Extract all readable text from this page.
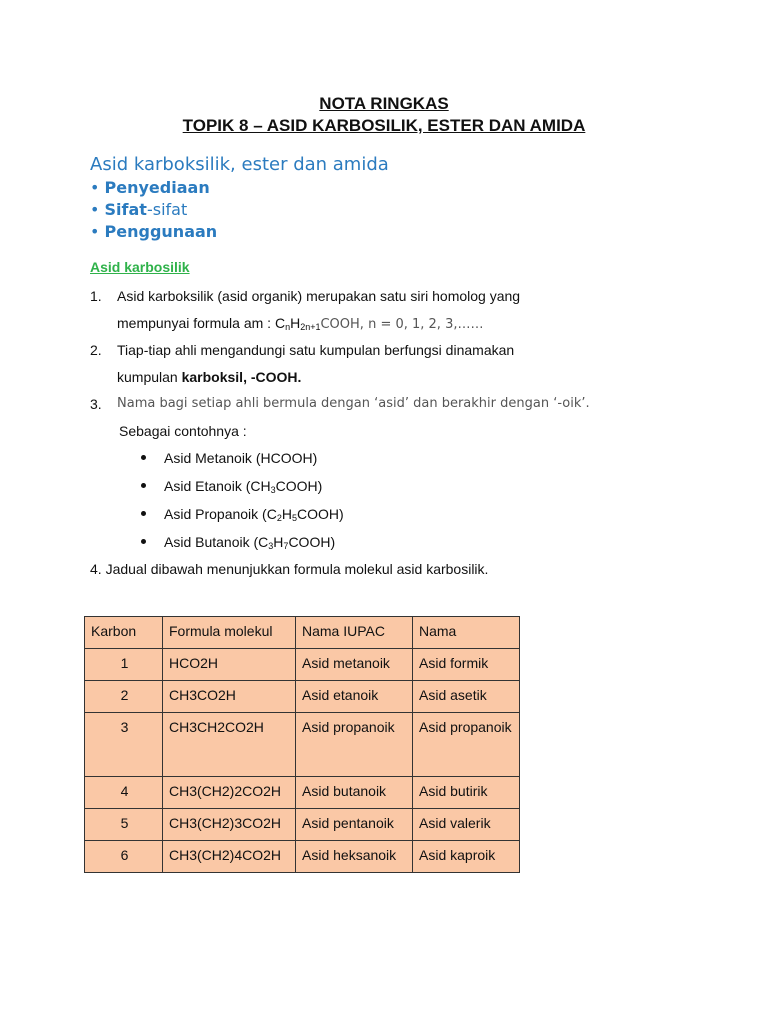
NOTA RINGKAS
TOPIK 8 – ASID KARBOSILIK, ESTER DAN AMIDA
Asid karboksilik, ester dan amida
• Penyediaan
• Sifat-sifat
• Penggunaan
Asid karbosilik
1. Asid karboksilik (asid organik) merupakan satu siri homolog yang
mempunyai formula am : $C_nH_{2n+1}COOH$, n = 0, 1, 2, 3,……
2. Tiap-tiap ahli mengandungi satu kumpulan berfungsi dinamakan
kumpulan karboksil, -COOH.
3. Nama bagi setiap ahli bermula dengan ‘asid’ dan berakhir dengan ‘-oik’.
Sebagai contohnya :
Asid Metanoik (HCOOH)
Asid Etanoik $(CH_3COOH)$
Asid Propanoik $(C_2H_5COOH)$
Asid Butanoik $(C_3H_7COOH)$
4. Jadual dibawah menunjukkan formula molekul asid karbosilik.
Karbon	Formula molekul	Nama IUPAC	Nama
1	HCO2H	Asid metanoik	Asid formik
2	CH3CO2H	Asid etanoik	Asid asetik
3	CH3CH2CO2H	Asid propanoik	Asid propanoik
4	CH3(CH2)2CO2H	Asid butanoik	Asid butirik
5	CH3(CH2)3CO2H	Asid pentanoik	Asid valerik
6	CH3(CH2)4CO2H	Asid heksanoik	Asid kaproik
